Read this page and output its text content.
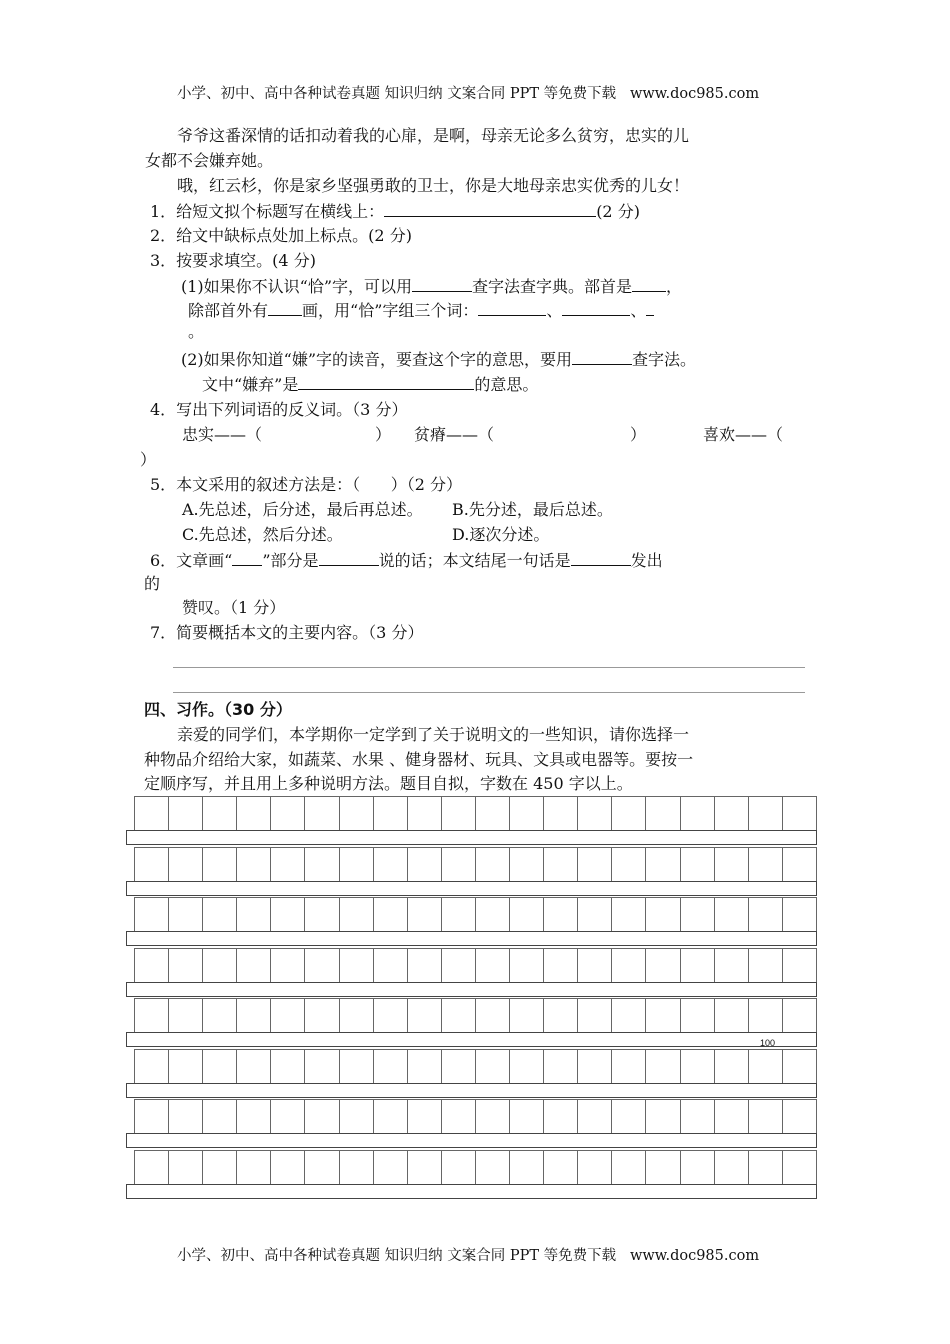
小学、初中、高中各种试卷真题 知识归纳 文案合同 PPT 等免费下载   www.doc985.com
爷爷这番深情的话扣动着我的心扉，是啊，母亲无论多么贫穷，忠实的儿
女都不会嫌弃她。
哦，红云杉，你是家乡坚强勇敢的卫士，你是大地母亲忠实优秀的儿女！
1．给短文拟个标题写在横线上：	(2 分)
2．给文中缺标点处加上标点。(2 分)
3．按要求填空。(4 分)
(1)如果你不认识“恰”字，可以用	查字法查字典。部首是 ，
除部首外有 画，用“恰”字组三个词：	、	、
。
(2)如果你知道“嫌”字的读音，要查这个字的意思，要用	查字法。
文中“嫌弃”是	的意思。
4．写出下列词语的反义词。（3 分）
忠实——（	） 贫瘠——（	）	喜欢——（
）
5．本文采用的叙述方法是：（      ）（2 分）
A.先总述，后分述，最后再总述。 B.先分述，最后总述。
C.先总述，然后分述。	D.逐次分述。
6．文章画“ ”部分是	说的话；本文结尾一句话是	发出
的
赞叹。（1 分）
7．简要概括本文的主要内容。（3 分）
四、习作。（30 分）
亲爱的同学们，本学期你一定学到了关于说明文的一些知识，请你选择一
种物品介绍给大家，如蔬菜、水果 、健身器材、玩具、文具或电器等。要按一
定顺序写，并且用上多种说明方法。题目自拟，字数在 450 字以上。
100
小学、初中、高中各种试卷真题 知识归纳 文案合同 PPT 等免费下载   www.doc985.com
